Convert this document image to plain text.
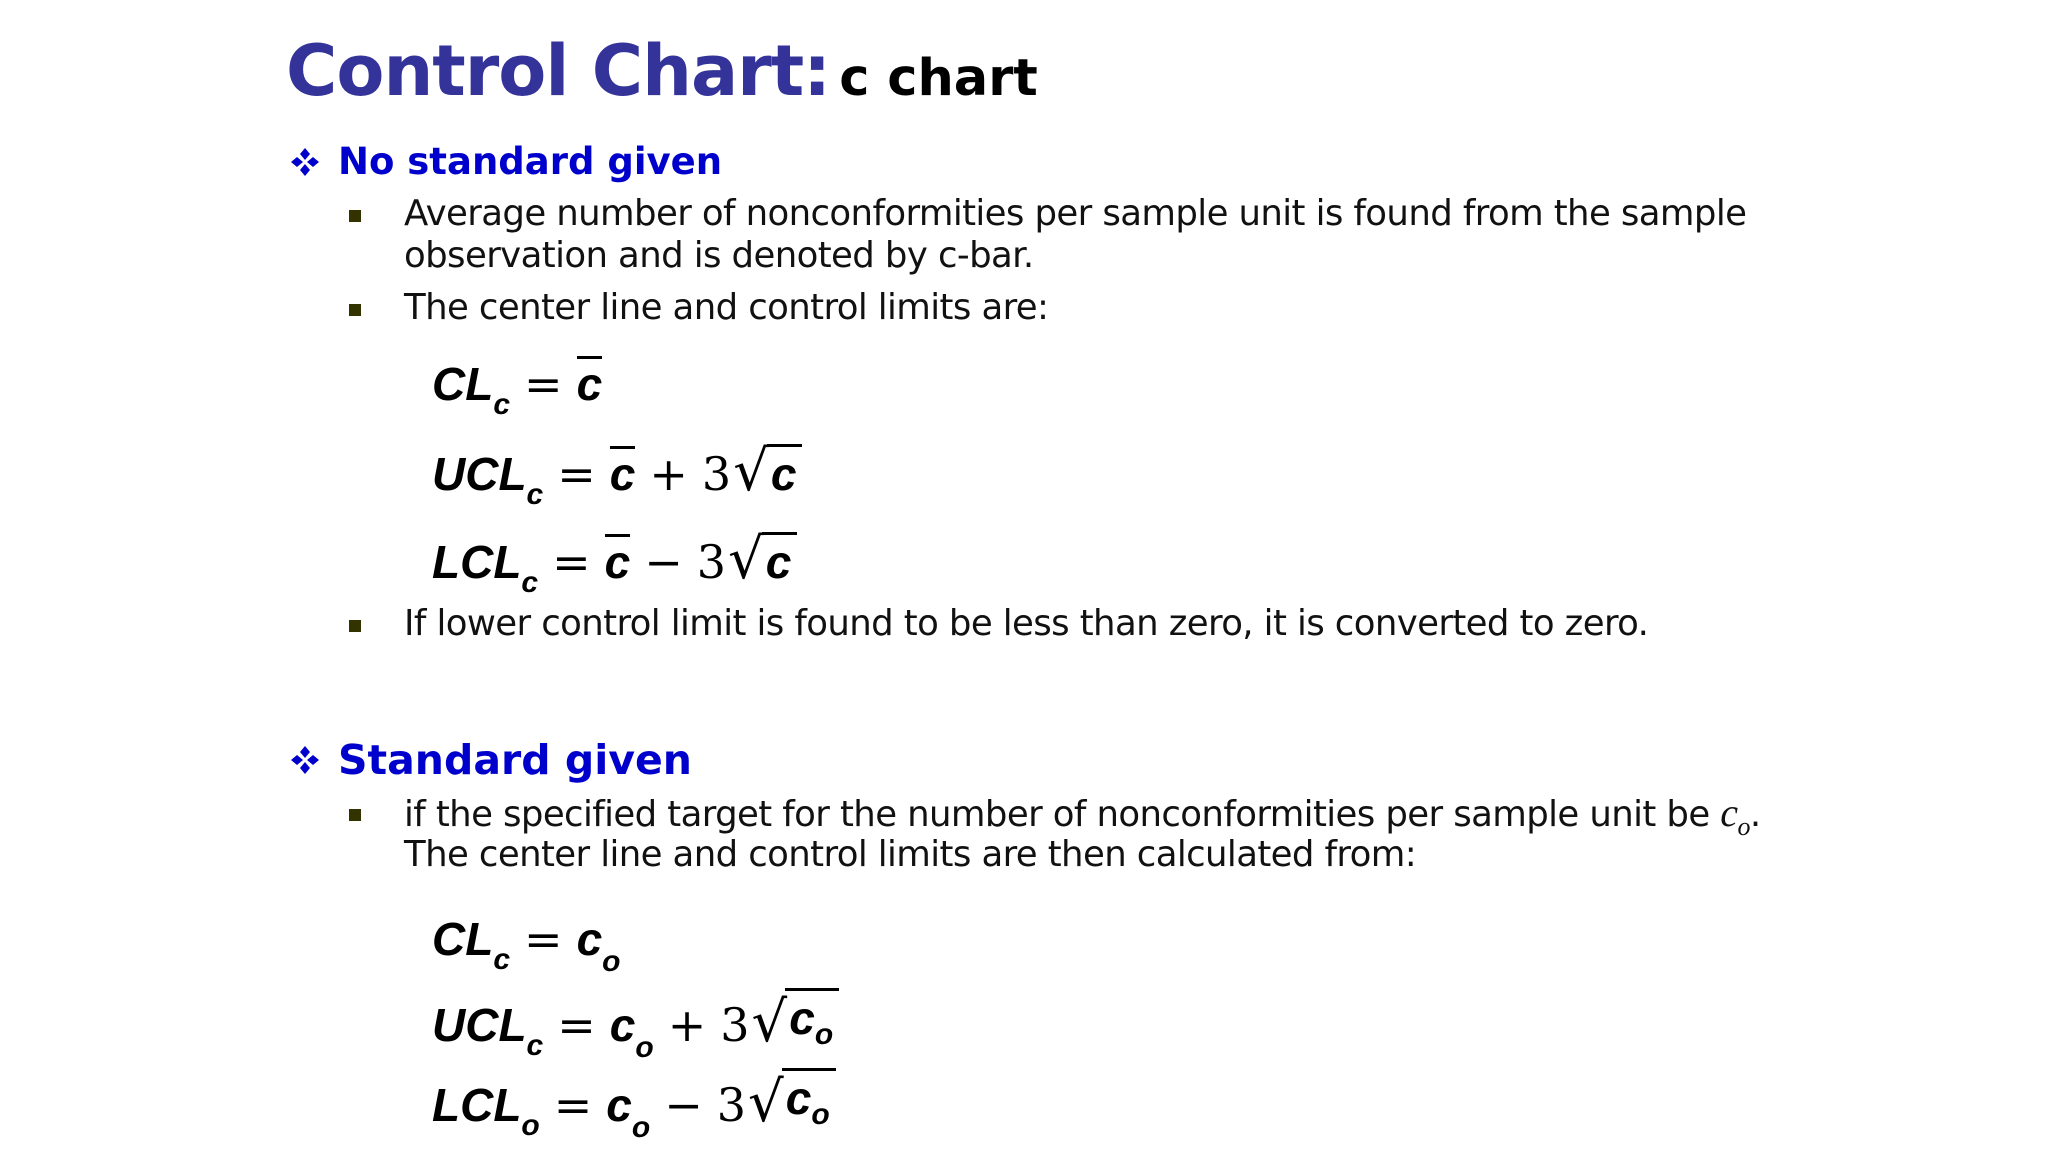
Control Chart: c chart
No standard given
Average number of nonconformities per sample unit is found from the sample
observation and is denoted by c-bar.
The center line and control limits are:
$CL_c = c$
$UCL_c = c + 3$ √ c
$LCL_c = c - 3$ √ c
If lower control limit is found to be less than zero, it is converted to zero.
Standard given
if the specified target for the number of nonconformities per sample unit be $c_o$.
The center line and control limits are then calculated from:
$CL_c = c_o$
$UCL_c = c_o + 3$ √ $c_o$
$LCL_o = c_o - 3$ √ $c_o$
